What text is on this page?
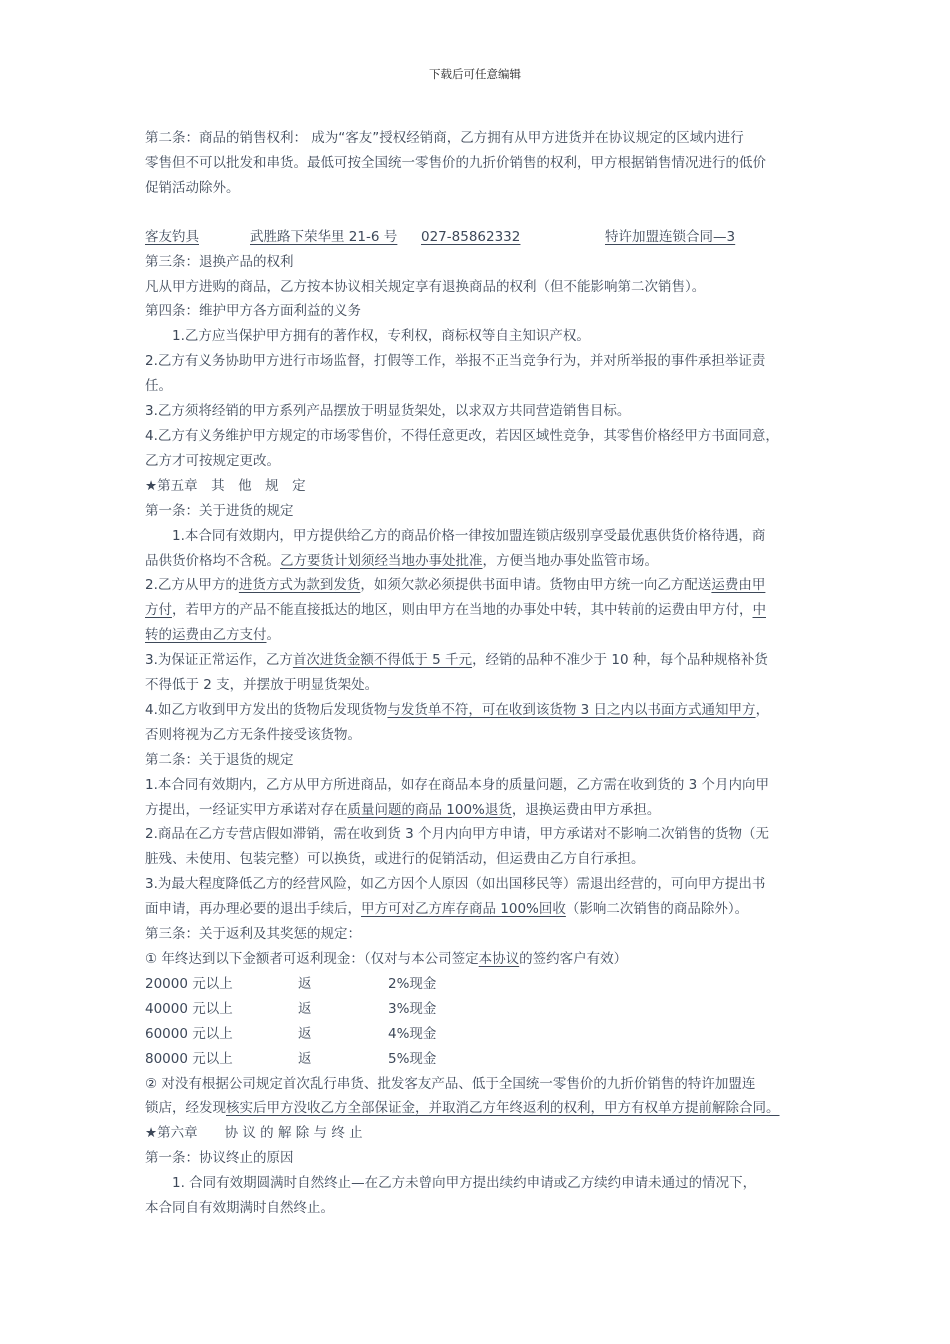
下载后可任意编辑

第二条：商品的销售权利： 成为“客友”授权经销商，乙方拥有从甲方进货并在协议规定的区域内进行

零售但不可以批发和串货。最低可按全国统一零售价的九折价销售的权利，甲方根据销售情况进行的低价

促销活动除外。

客友钓具	武胜路下荣华里 21-6 号	027-85862332	特许加盟连锁合同—3

第三条：退换产品的权利

凡从甲方进购的商品，乙方按本协议相关规定享有退换商品的权利（但不能影响第二次销售）。

第四条：维护甲方各方面利益的义务

1.乙方应当保护甲方拥有的著作权，专利权，商标权等自主知识产权。

2.乙方有义务协助甲方进行市场监督，打假等工作，举报不正当竞争行为，并对所举报的事件承担举证责

任。

3.乙方须将经销的甲方系列产品摆放于明显货架处，以求双方共同营造销售目标。

4.乙方有义务维护甲方规定的市场零售价，不得任意更改，若因区域性竞争，其零售价格经甲方书面同意，

乙方才可按规定更改。

★第五章　其　他　规　定

第一条：关于进货的规定

1.本合同有效期内，甲方提供给乙方的商品价格一律按加盟连锁店级别享受最优惠供货价格待遇，商

品供货价格均不含税。乙方要货计划须经当地办事处批准，方便当地办事处监管市场。

2.乙方从甲方的进货方式为款到发货，如须欠款必须提供书面申请。货物由甲方统一向乙方配送运费由甲

方付，若甲方的产品不能直接抵达的地区，则由甲方在当地的办事处中转，其中转前的运费由甲方付，中

转的运费由乙方支付。

3.为保证正常运作，乙方首次进货金额不得低于 5 千元，经销的品种不准少于 10 种，每个品种规格补货

不得低于 2 支，并摆放于明显货架处。

4.如乙方收到甲方发出的货物后发现货物与发货单不符，可在收到该货物 3 日之内以书面方式通知甲方，

否则将视为乙方无条件接受该货物。

第二条：关于退货的规定

1.本合同有效期内，乙方从甲方所进商品，如存在商品本身的质量问题，乙方需在收到货的 3 个月内向甲

方提出，一经证实甲方承诺对存在质量问题的商品 100%退货，退换运费由甲方承担。

2.商品在乙方专营店假如滞销，需在收到货 3 个月内向甲方申请，甲方承诺对不影响二次销售的货物（无

脏残、未使用、包装完整）可以换货，或进行的促销活动，但运费由乙方自行承担。

3.为最大程度降低乙方的经营风险，如乙方因个人原因（如出国移民等）需退出经营的，可向甲方提出书

面申请，再办理必要的退出手续后，甲方可对乙方库存商品 100%回收（影响二次销售的商品除外）。

第三条：关于返利及其奖惩的规定：

① 年终达到以下金额者可返利现金：（仅对与本公司签定本协议的签约客户有效）

20000 元以上	返	2%现金
40000 元以上	返	3%现金
60000 元以上	返	4%现金
80000 元以上	返	5%现金

② 对没有根据公司规定首次乱行串货、批发客友产品、低于全国统一零售价的九折价销售的特许加盟连

锁店，经发现核实后甲方没收乙方全部保证金，并取消乙方年终返利的权利，甲方有权单方提前解除合同。

★第六章　　协 议 的 解 除 与 终 止

第一条：协议终止的原因

1. 合同有效期圆满时自然终止—在乙方未曾向甲方提出续约申请或乙方续约申请未通过的情况下，

本合同自有效期满时自然终止。
